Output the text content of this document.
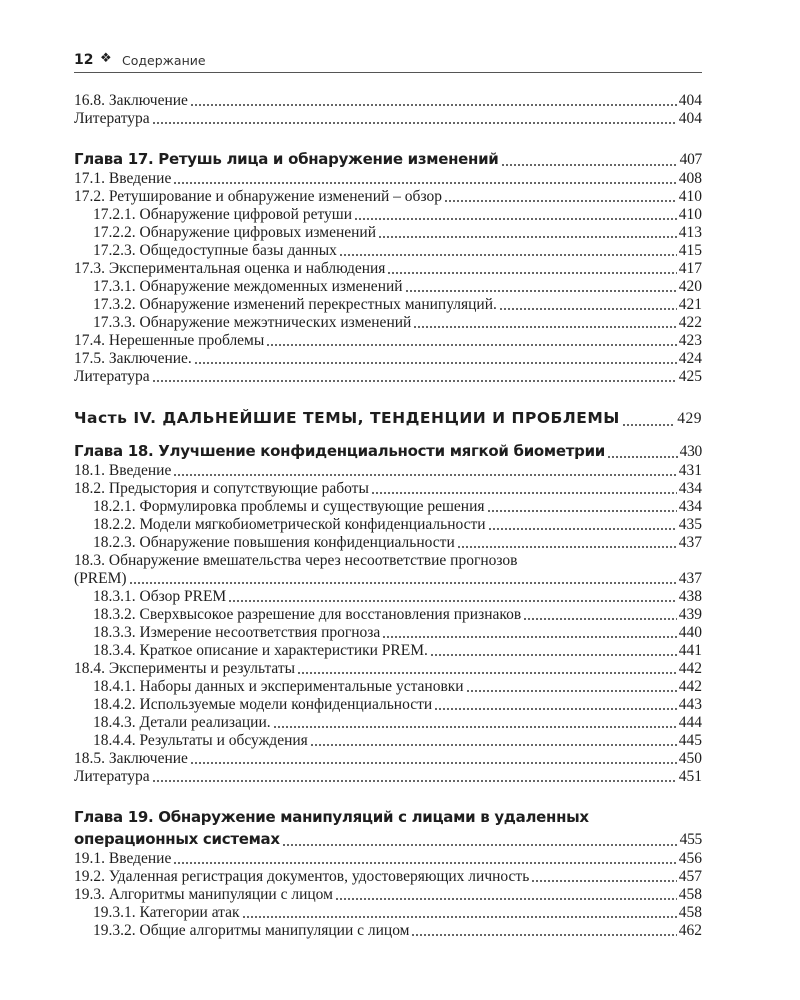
12 ❖ Содержание
16.8. Заключение	404
Литература	404
Глава 17. Ретушь лица и обнаружение изменений	407
17.1. Введение	408
17.2. Ретуширование и обнаружение изменений – обзор	410
17.2.1. Обнаружение цифровой ретуши	410
17.2.2. Обнаружение цифровых изменений	413
17.2.3. Общедоступные базы данных	415
17.3. Экспериментальная оценка и наблюдения	417
17.3.1. Обнаружение междоменных изменений	420
17.3.2. Обнаружение изменений перекрестных манипуляций.	421
17.3.3. Обнаружение межэтнических изменений	422
17.4. Нерешенные проблемы	423
17.5. Заключение.	424
Литература	425
Часть IV. ДАЛЬНЕЙШИЕ ТЕМЫ, ТЕНДЕНЦИИ И ПРОБЛЕМЫ	429
Глава 18. Улучшение конфиденциальности мягкой биометрии	430
18.1. Введение	431
18.2. Предыстория и сопутствующие работы	434
18.2.1. Формулировка проблемы и существующие решения	434
18.2.2. Модели мягкобиометрической конфиденциальности	435
18.2.3. Обнаружение повышения конфиденциальности	437
18.3. Обнаружение вмешательства через несоответствие прогнозов
(PREM)	437
18.3.1. Обзор PREM	438
18.3.2. Сверхвысокое разрешение для восстановления признаков	439
18.3.3. Измерение несоответствия прогноза	440
18.3.4. Краткое описание и характеристики PREM.	441
18.4. Эксперименты и результаты	442
18.4.1. Наборы данных и экспериментальные установки	442
18.4.2. Используемые модели конфиденциальности	443
18.4.3. Детали реализации.	444
18.4.4. Результаты и обсуждения	445
18.5. Заключение	450
Литература	451
Глава 19. Обнаружение манипуляций с лицами в удаленных
операционных системах	455
19.1. Введение	456
19.2. Удаленная регистрация документов, удостоверяющих личность	457
19.3. Алгоритмы манипуляции с лицом	458
19.3.1. Категории атак	458
19.3.2. Общие алгоритмы манипуляции с лицом	462
